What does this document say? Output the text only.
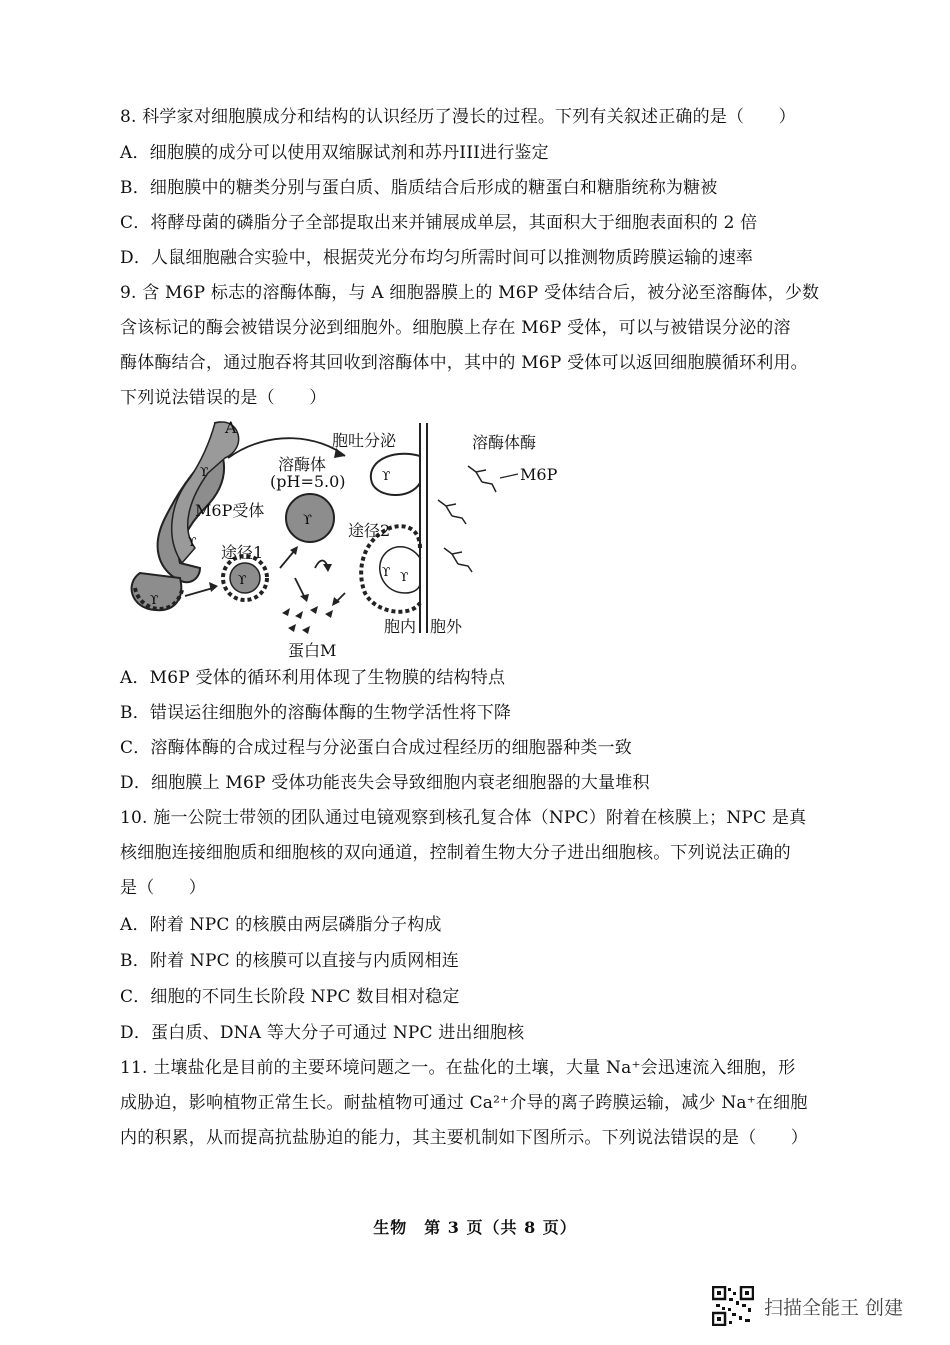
8. 科学家对细胞膜成分和结构的认识经历了漫长的过程。下列有关叙述正确的是（　　）
A．细胞膜的成分可以使用双缩脲试剂和苏丹III进行鉴定
B．细胞膜中的糖类分别与蛋白质、脂质结合后形成的糖蛋白和糖脂统称为糖被
C．将酵母菌的磷脂分子全部提取出来并铺展成单层，其面积大于细胞表面积的 2 倍
D．人鼠细胞融合实验中，根据荧光分布均匀所需时间可以推测物质跨膜运输的速率
9. 含 M6P 标志的溶酶体酶，与 A 细胞器膜上的 M6P 受体结合后，被分泌至溶酶体，少数
含该标记的酶会被错误分泌到细胞外。细胞膜上存在 M6P 受体，可以与被错误分泌的溶
酶体酶结合，通过胞吞将其回收到溶酶体中，其中的 M6P 受体可以返回细胞膜循环利用。
下列说法错误的是（　　）
ϒ
ϒ
ϒ
ϒ
ϒ
ϒ ϒ
ϒ
A
胞吐分泌
溶酶体
(pH=5.0)
M6P受体
途径1
途径2
蛋白M
胞内 胞外
溶酶体酶
M6P
A．M6P 受体的循环利用体现了生物膜的结构特点
B．错误运往细胞外的溶酶体酶的生物学活性将下降
C．溶酶体酶的合成过程与分泌蛋白合成过程经历的细胞器种类一致
D．细胞膜上 M6P 受体功能丧失会导致细胞内衰老细胞器的大量堆积
10. 施一公院士带领的团队通过电镜观察到核孔复合体（NPC）附着在核膜上；NPC 是真
核细胞连接细胞质和细胞核的双向通道，控制着生物大分子进出细胞核。下列说法正确的
是（　　）
A．附着 NPC 的核膜由两层磷脂分子构成
B．附着 NPC 的核膜可以直接与内质网相连
C．细胞的不同生长阶段 NPC 数目相对稳定
D．蛋白质、DNA 等大分子可通过 NPC 进出细胞核
11. 土壤盐化是目前的主要环境问题之一。在盐化的土壤，大量 Na⁺会迅速流入细胞，形
成胁迫，影响植物正常生长。耐盐植物可通过 Ca²⁺介导的离子跨膜运输，减少 Na⁺在细胞
内的积累，从而提高抗盐胁迫的能力，其主要机制如下图所示。下列说法错误的是（　　）
生物　第 3 页（共 8 页）
扫描全能王 创建
